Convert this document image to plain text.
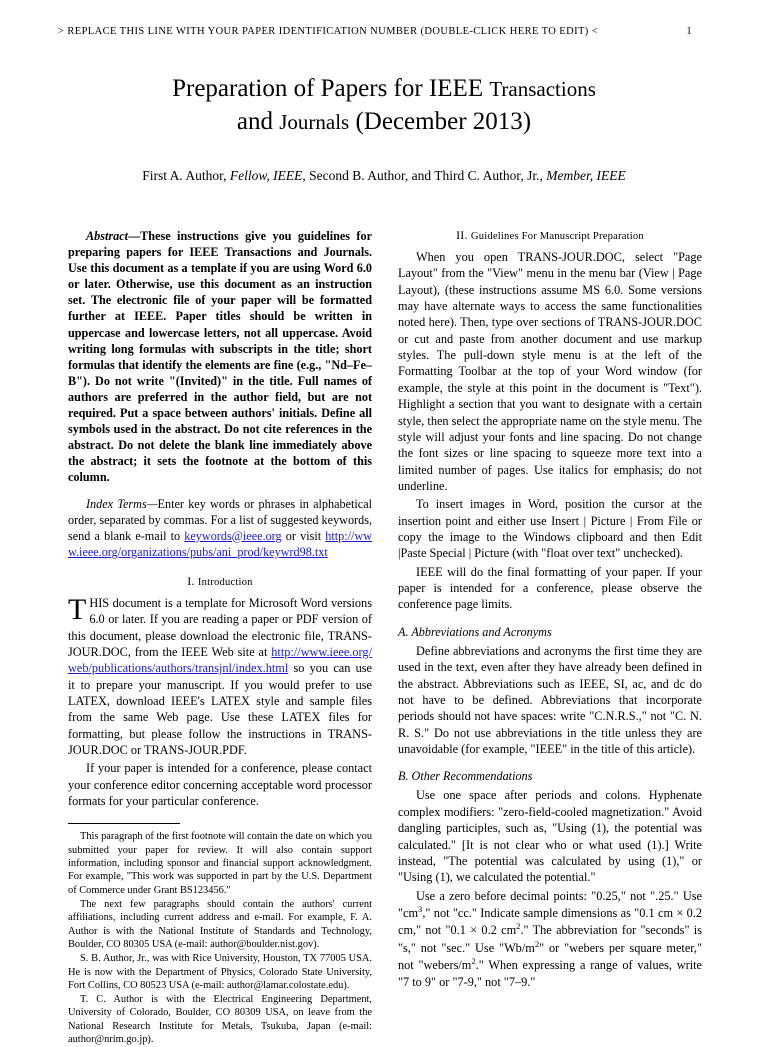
> REPLACE THIS LINE WITH YOUR PAPER IDENTIFICATION NUMBER (DOUBLE-CLICK HERE TO EDIT) <	1
Preparation of Papers for IEEE Transactions
and Journals (December 2013)
First A. Author, Fellow, IEEE, Second B. Author, and Third C. Author, Jr., Member, IEEE
Abstract—These instructions give you guidelines for preparing papers for IEEE Transactions and Journals. Use this document as a template if you are using Word 6.0 or later. Otherwise, use this document as an instruction set. The electronic file of your paper will be formatted further at IEEE. Paper titles should be written in uppercase and lowercase letters, not all uppercase. Avoid writing long formulas with subscripts in the title; short formulas that identify the elements are fine (e.g., "Nd–Fe–B"). Do not write "(Invited)" in the title. Full names of authors are preferred in the author field, but are not required. Put a space between authors' initials. Define all symbols used in the abstract. Do not cite references in the abstract. Do not delete the blank line immediately above the abstract; it sets the footnote at the bottom of this column.
Index Terms—Enter key words or phrases in alphabetical order, separated by commas. For a list of suggested keywords, send a blank e-mail to keywords@ieee.org or visit http://www.ieee.org/organizations/pubs/ani_prod/keywrd98.txt
I. Introduction

THIS document is a template for Microsoft Word versions 6.0 or later. If you are reading a paper or PDF version of this document, please download the electronic file, TRANS-JOUR.DOC, from the IEEE Web site at http://www.ieee.org/web/publications/authors/transjnl/index.html so you can use it to prepare your manuscript. If you would prefer to use LATEX, download IEEE's LATEX style and sample files from the same Web page. Use these LATEX files for formatting, but please follow the instructions in TRANS-JOUR.DOC or TRANS-JOUR.PDF.

If your paper is intended for a conference, please contact your conference editor concerning acceptable word processor formats for your particular conference.

This paragraph of the first footnote will contain the date on which you submitted your paper for review. It will also contain support information, including sponsor and financial support acknowledgment. For example, "This work was supported in part by the U.S. Department of Commerce under Grant BS123456."

The next few paragraphs should contain the authors' current affiliations, including current address and e-mail. For example, F. A. Author is with the National Institute of Standards and Technology, Boulder, CO 80305 USA (e-mail: author@boulder.nist.gov).

S. B. Author, Jr., was with Rice University, Houston, TX 77005 USA. He is now with the Department of Physics, Colorado State University, Fort Collins, CO 80523 USA (e-mail: author@lamar.colostate.edu).

T. C. Author is with the Electrical Engineering Department, University of Colorado, Boulder, CO 80309 USA, on leave from the National Research Institute for Metals, Tsukuba, Japan (e-mail: author@nrim.go.jp).

II. Guidelines For Manuscript Preparation

When you open TRANS-JOUR.DOC, select "Page Layout" from the "View" menu in the menu bar (View | Page Layout), (these instructions assume MS 6.0. Some versions may have alternate ways to access the same functionalities noted here). Then, type over sections of TRANS-JOUR.DOC or cut and paste from another document and use markup styles. The pull-down style menu is at the left of the Formatting Toolbar at the top of your Word window (for example, the style at this point in the document is "Text"). Highlight a section that you want to designate with a certain style, then select the appropriate name on the style menu. The style will adjust your fonts and line spacing. Do not change the font sizes or line spacing to squeeze more text into a limited number of pages. Use italics for emphasis; do not underline.

To insert images in Word, position the cursor at the insertion point and either use Insert | Picture | From File or copy the image to the Windows clipboard and then Edit |Paste Special | Picture (with "float over text" unchecked).

IEEE will do the final formatting of your paper. If your paper is intended for a conference, please observe the conference page limits.

A. Abbreviations and Acronyms

Define abbreviations and acronyms the first time they are used in the text, even after they have already been defined in the abstract. Abbreviations such as IEEE, SI, ac, and dc do not have to be defined. Abbreviations that incorporate periods should not have spaces: write "C.N.R.S.," not "C. N. R. S." Do not use abbreviations in the title unless they are unavoidable (for example, "IEEE" in the title of this article).

B. Other Recommendations

Use one space after periods and colons. Hyphenate complex modifiers: "zero-field-cooled magnetization." Avoid dangling participles, such as, "Using (1), the potential was calculated." [It is not clear who or what used (1).] Write instead, "The potential was calculated by using (1)," or "Using (1), we calculated the potential."

Use a zero before decimal points: "0.25," not ".25." Use "$cm^3$," not "cc." Indicate sample dimensions as "0.1 cm × 0.2 cm," not "0.1 × 0.2 $cm^2$." The abbreviation for "seconds" is "s," not "sec." Use "$Wb/m^2$" or "webers per square meter," not "$webers/m^2$." When expressing a range of values, write "7 to 9" or "7-9," not "7–9."
